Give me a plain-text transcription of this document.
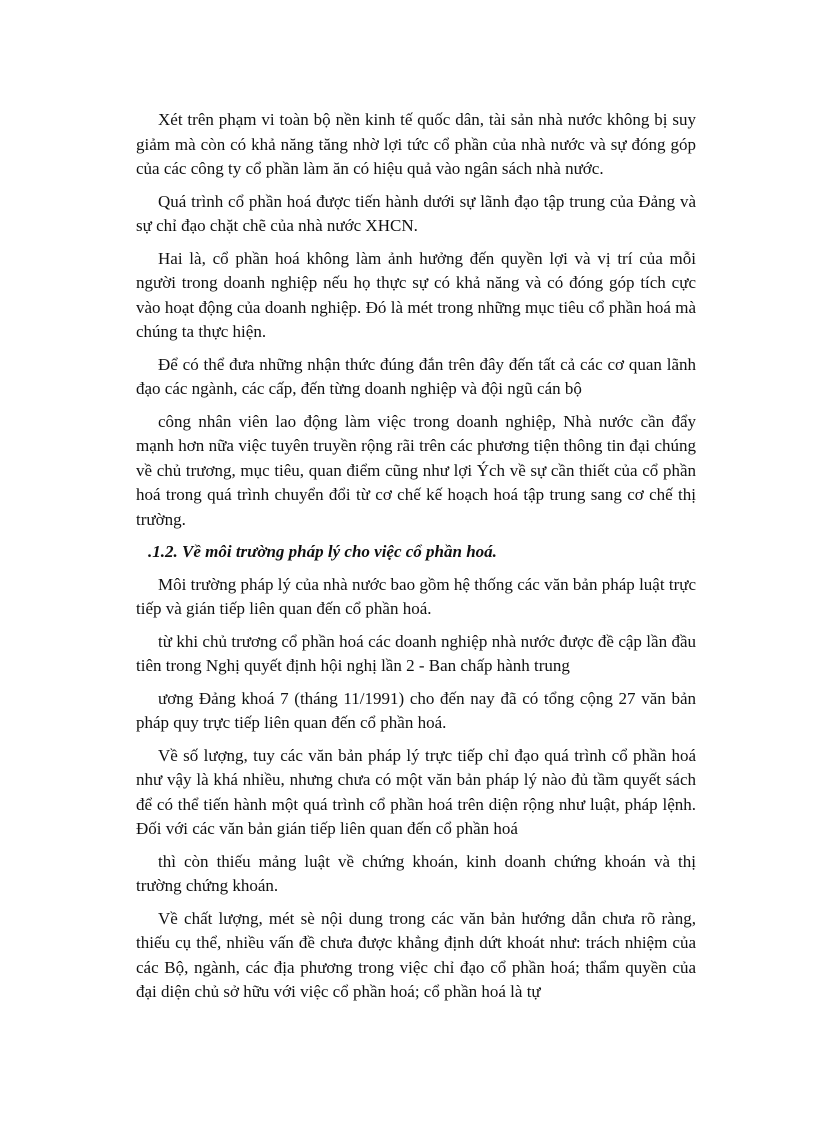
Xét trên phạm vi toàn bộ nền kinh tế quốc dân, tài sản nhà nước không bị suy giảm mà còn có khả năng tăng nhờ lợi tức cổ phần của nhà nước và sự đóng góp của các công ty cổ phần làm ăn có hiệu quả vào ngân sách nhà nước.

Quá trình cổ phần hoá được tiến hành dưới sự lãnh đạo tập trung của Đảng và sự chỉ đạo chặt chẽ của nhà nước XHCN.

Hai là, cổ phần hoá không làm ảnh hưởng đến quyền lợi và vị trí của mỗi người trong doanh nghiệp nếu họ thực sự có khả năng và có đóng góp tích cực vào hoạt động của doanh nghiệp. Đó là mét trong những mục tiêu cổ phần hoá mà chúng ta thực hiện.

Để có thể đưa những nhận thức đúng đắn trên đây đến tất cả các cơ quan lãnh đạo các ngành, các cấp, đến từng doanh nghiệp và đội ngũ cán bộ

công nhân viên lao động làm việc trong doanh nghiệp, Nhà nước cần đẩy mạnh hơn nữa việc tuyên truyền rộng rãi trên các phương tiện thông tin đại chúng về chủ trương, mục tiêu, quan điểm cũng như lợi Ých về sự cần thiết của cổ phần hoá trong quá trình chuyển đổi từ cơ chế kế hoạch hoá tập trung sang cơ chế thị trường.

.1.2. Về môi trường pháp lý cho việc cổ phần hoá.

Môi trường pháp lý của nhà nước bao gồm hệ thống các văn bản pháp luật trực tiếp và gián tiếp liên quan đến cổ phần hoá.

từ khi chủ trương cổ phần hoá các doanh nghiệp nhà nước được đề cập lần đầu tiên trong Nghị quyết định hội nghị lần 2 - Ban chấp hành trung

ương Đảng khoá 7 (tháng 11/1991) cho đến nay đã có tổng cộng 27 văn bản pháp quy trực tiếp liên quan đến cổ phần hoá.

Về số lượng, tuy các văn bản pháp lý trực tiếp chỉ đạo quá trình cổ phần hoá như vậy là khá nhiều, nhưng chưa có một văn bản pháp lý nào đủ tầm quyết sách để có thể tiến hành một quá trình cổ phần hoá trên diện rộng như luật, pháp lệnh. Đối với các văn bản gián tiếp liên quan đến cổ phần hoá

thì còn thiếu mảng luật về chứng khoán, kinh doanh chứng khoán và thị trường chứng khoán.

Về chất lượng, mét sè nội dung trong các văn bản hướng dẫn chưa rõ ràng, thiếu cụ thể, nhiều vấn đề chưa được khẳng định dứt khoát như: trách nhiệm của các Bộ, ngành, các địa phương trong việc chỉ đạo cổ phần hoá; thẩm quyền của đại diện chủ sở hữu với việc cổ phần hoá; cổ phần hoá là tự
